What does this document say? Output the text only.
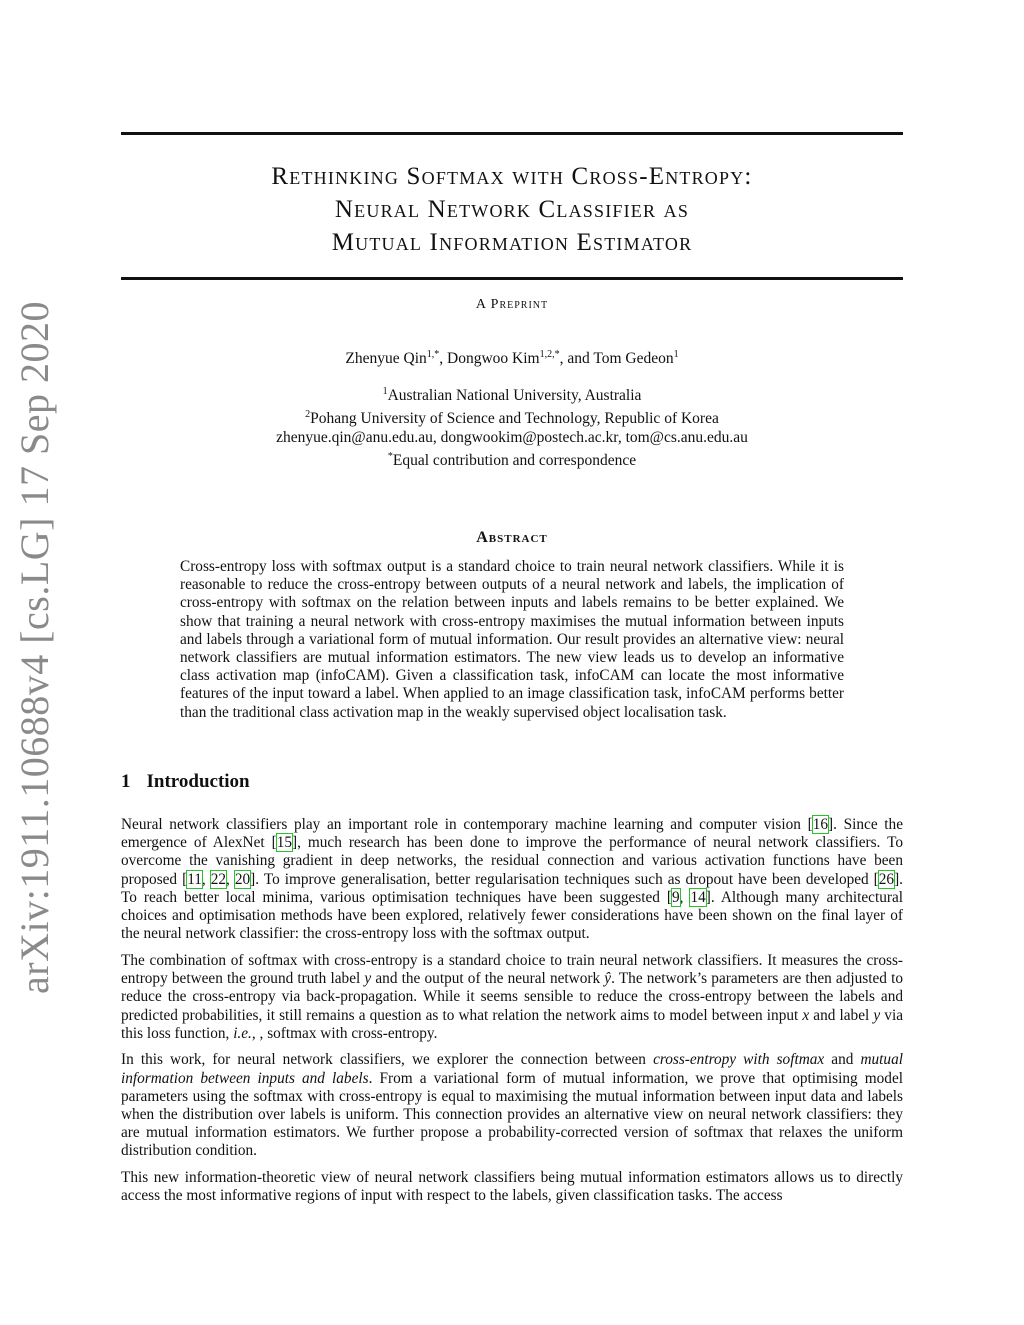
arXiv:1911.10688v4 [cs.LG] 17 Sep 2020
Rethinking Softmax with Cross-Entropy:
Neural Network Classifier as
Mutual Information Estimator
A Preprint
Zhenyue Qin$^{1,*}$, Dongwoo Kim$^{1,2,*}$, and Tom Gedeon$^1$
$^1$Australian National University, Australia
$^2$Pohang University of Science and Technology, Republic of Korea
zhenyue.qin@anu.edu.au, dongwookim@postech.ac.kr, tom@cs.anu.edu.au
*Equal contribution and correspondence
Abstract

Cross-entropy loss with softmax output is a standard choice to train neural network classifiers. While it is reasonable to reduce the cross-entropy between outputs of a neural network and labels, the implication of cross-entropy with softmax on the relation between inputs and labels remains to be better explained. We show that training a neural network with cross-entropy maximises the mutual information between inputs and labels through a variational form of mutual information. Our result provides an alternative view: neural network classifiers are mutual information estimators. The new view leads us to develop an informative class activation map (infoCAM). Given a classification task, infoCAM can locate the most informative features of the input toward a label. When applied to an image classification task, infoCAM performs better than the traditional class activation map in the weakly supervised object localisation task.

1 Introduction

Neural network classifiers play an important role in contemporary machine learning and computer vision [16]. Since the emergence of AlexNet [15], much research has been done to improve the performance of neural network classifiers. To overcome the vanishing gradient in deep networks, the residual connection and various activation functions have been proposed [11, 22, 20]. To improve generalisation, better regularisation techniques such as dropout have been developed [26]. To reach better local minima, various optimisation techniques have been suggested [9, 14]. Although many architectural choices and optimisation methods have been explored, relatively fewer considerations have been shown on the final layer of the neural network classifier: the cross-entropy loss with the softmax output.

The combination of softmax with cross-entropy is a standard choice to train neural network classifiers. It measures the cross-entropy between the ground truth label y and the output of the neural network ŷ. The network’s parameters are then adjusted to reduce the cross-entropy via back-propagation. While it seems sensible to reduce the cross-entropy between the labels and predicted probabilities, it still remains a question as to what relation the network aims to model between input x and label y via this loss function, i.e., , softmax with cross-entropy.

In this work, for neural network classifiers, we explorer the connection between cross-entropy with softmax and mutual information between inputs and labels. From a variational form of mutual information, we prove that optimising model parameters using the softmax with cross-entropy is equal to maximising the mutual information between input data and labels when the distribution over labels is uniform. This connection provides an alternative view on neural network classifiers: they are mutual information estimators. We further propose a probability-corrected version of softmax that relaxes the uniform distribution condition.

This new information-theoretic view of neural network classifiers being mutual information estimators allows us to directly access the most informative regions of input with respect to the labels, given classification tasks. The access
